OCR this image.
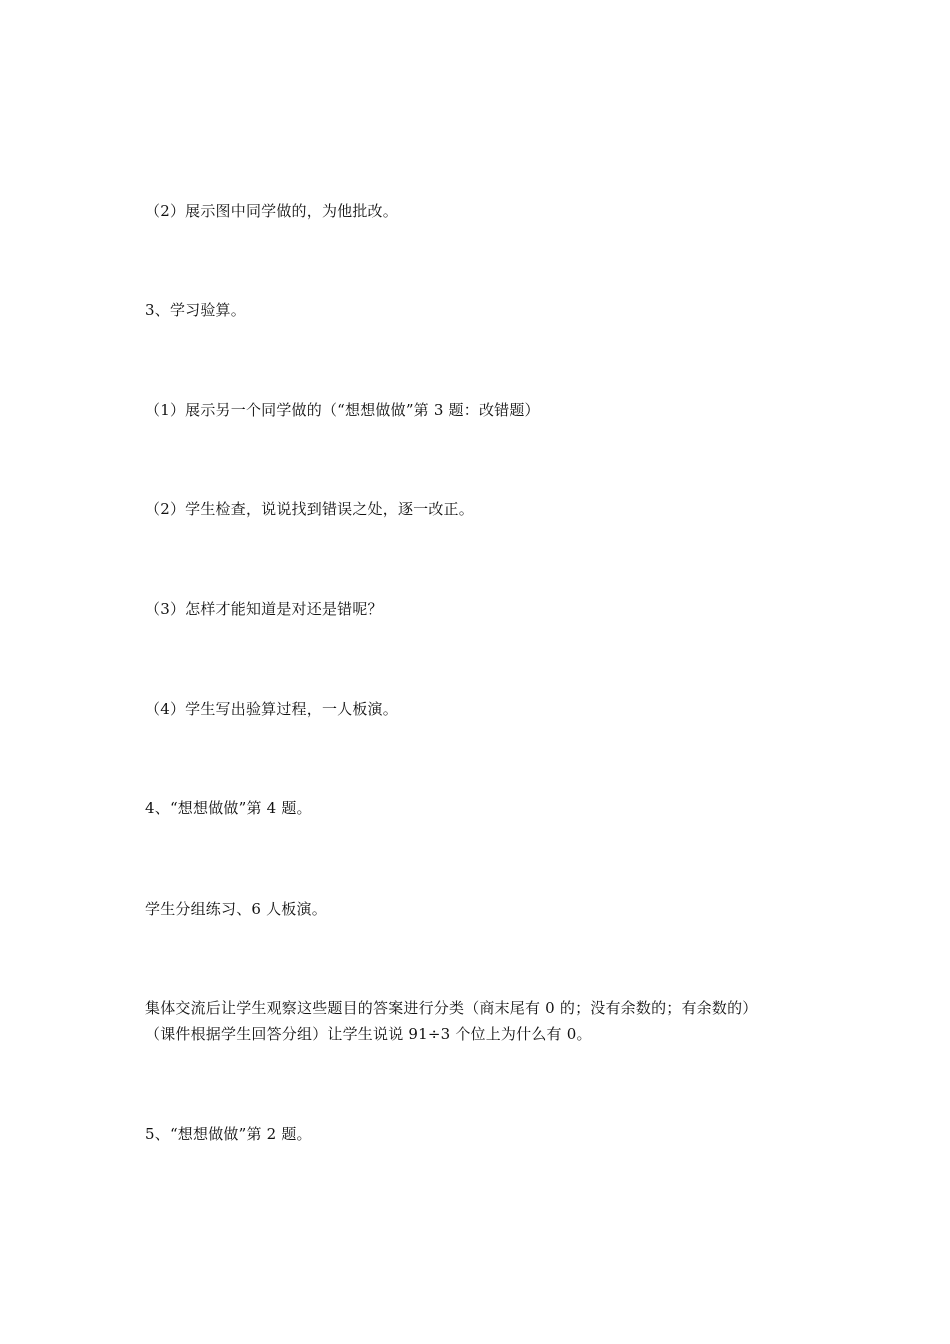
（2）展示图中同学做的，为他批改。
3、学习验算。
（1）展示另一个同学做的（“想想做做”第 3 题：改错题）
（2）学生检查，说说找到错误之处，逐一改正。
（3）怎样才能知道是对还是错呢？
（4）学生写出验算过程，一人板演。
4、“想想做做”第 4 题。
学生分组练习、6 人板演。
集体交流后让学生观察这些题目的答案进行分类（商末尾有 0 的；没有余数的；有余数的）
（课件根据学生回答分组）让学生说说 91÷3 个位上为什么有 0。
5、“想想做做”第 2 题。
